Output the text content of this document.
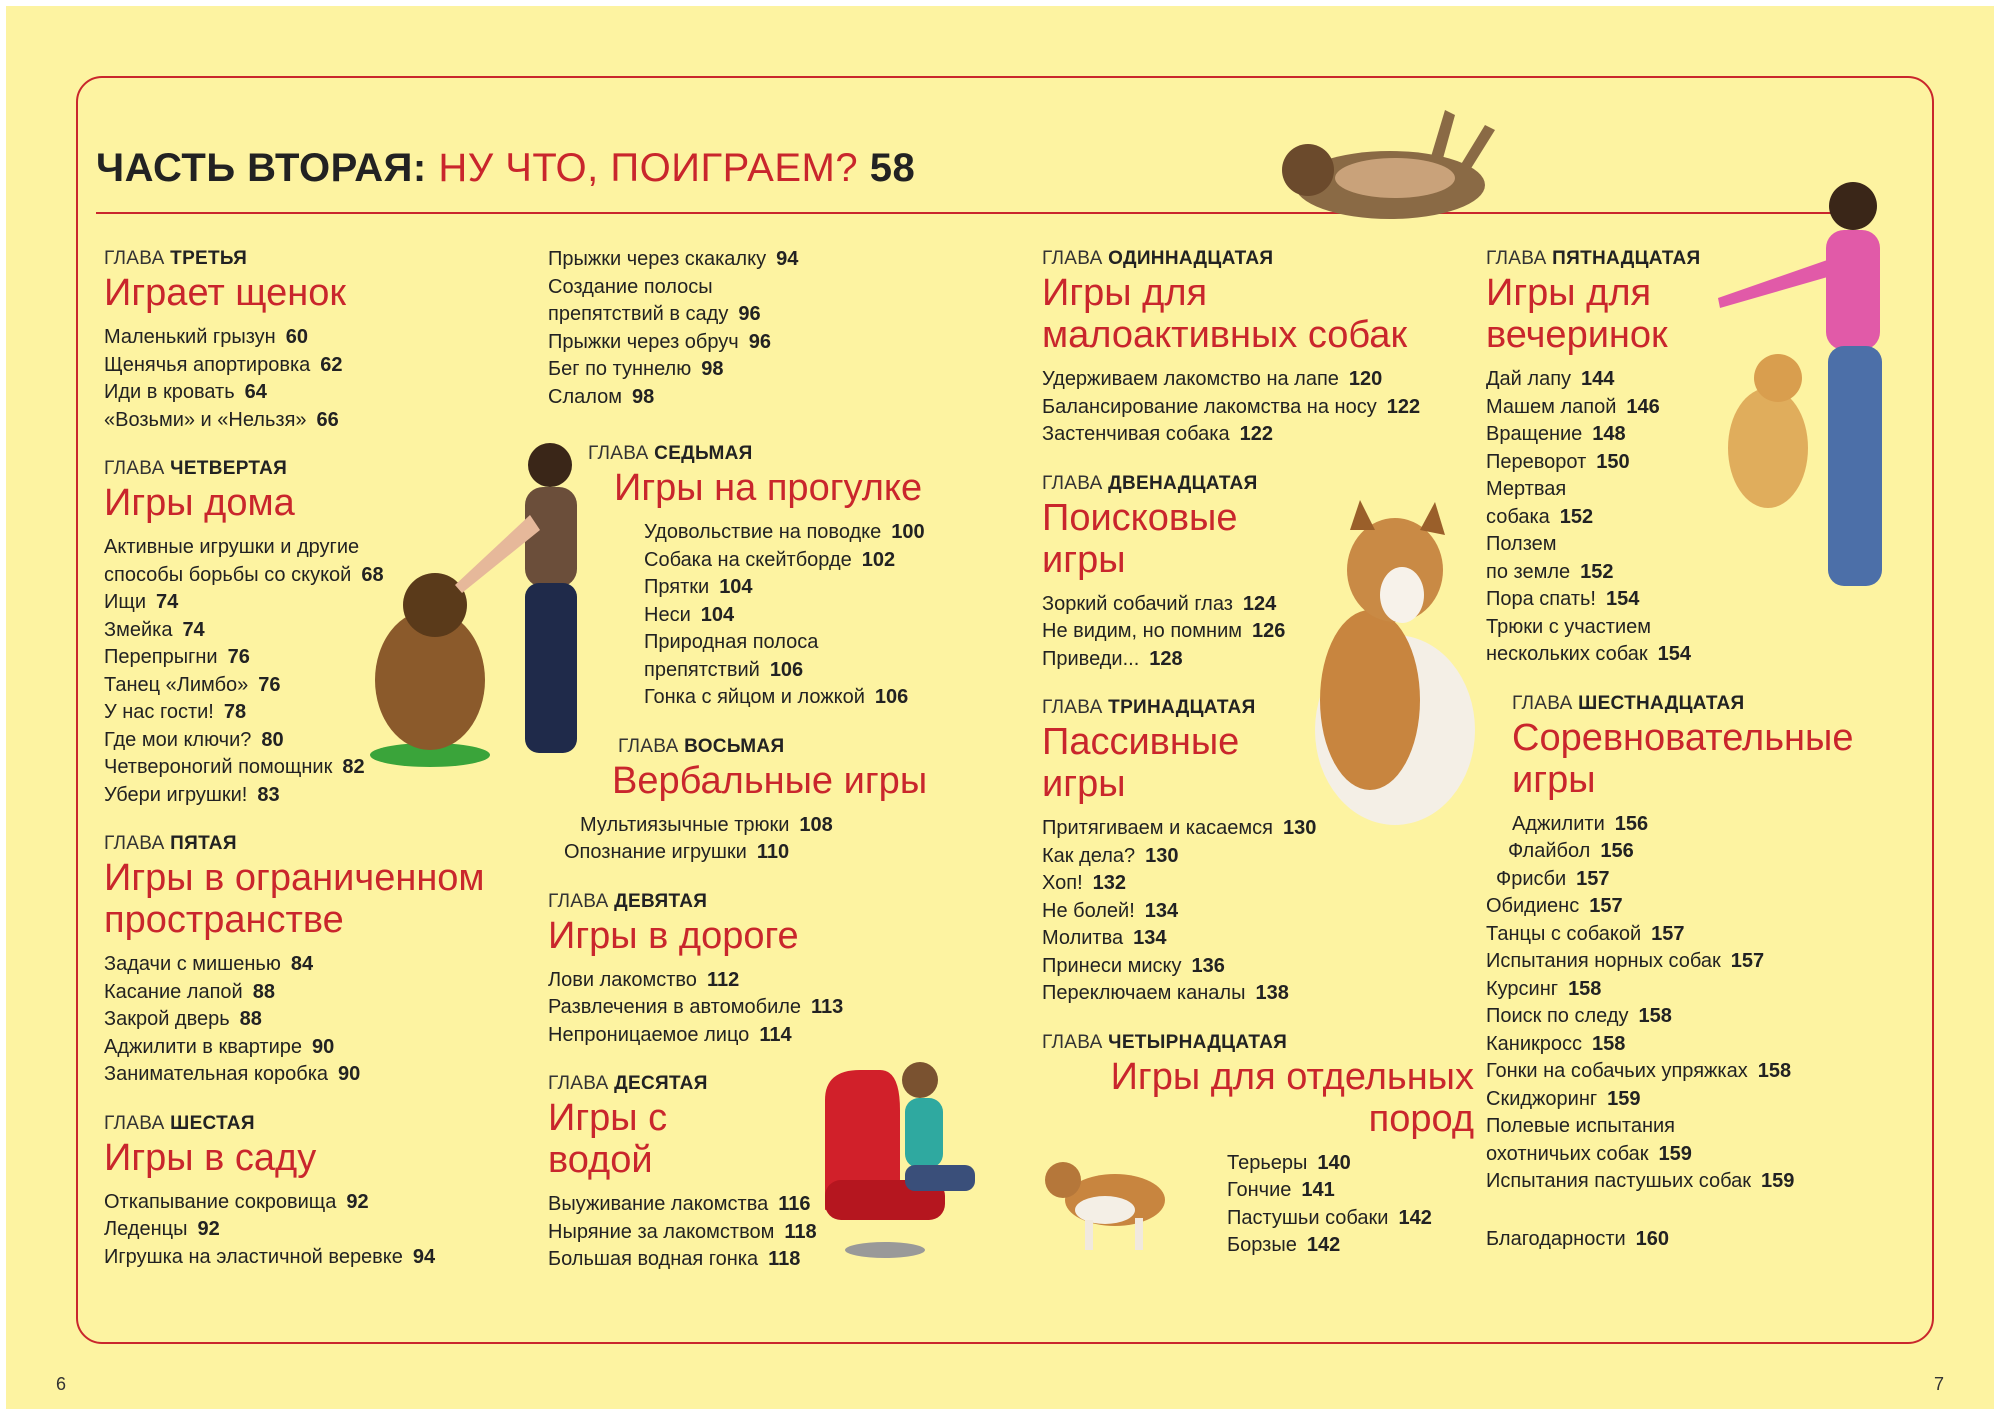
ЧАСТЬ ВТОРАЯ: НУ ЧТО, ПОИГРАЕМ? 58
ГЛАВА ТРЕТЬЯ
Играет щенок
Маленький грызун 60
Щенячья апортировка 62
Иди в кровать 64
«Возьми» и «Нельзя» 66
ГЛАВА ЧЕТВЕРТАЯ
Игры дома
Активные игрушки и другие
способы борьбы со скукой 68
Ищи 74
Змейка 74
Перепрыгни 76
Танец «Лимбо» 76
У нас гости! 78
Где мои ключи? 80
Четвероногий помощник 82
Убери игрушки! 83
ГЛАВА ПЯТАЯ
Игры в ограниченном пространстве
Задачи с мишенью 84
Касание лапой 88
Закрой дверь 88
Аджилити в квартире 90
Занимательная коробка 90
ГЛАВА ШЕСТАЯ
Игры в саду
Откапывание сокровища 92
Леденцы 92
Игрушка на эластичной веревке 94
Прыжки через скакалку 94
Создание полосы
препятствий в саду 96
Прыжки через обруч 96
Бег по туннелю 98
Слалом 98
ГЛАВА СЕДЬМАЯ
Игры на прогулке
Удовольствие на поводке 100
Собака на скейтборде 102
Прятки 104
Неси 104
Природная полоса
препятствий 106
Гонка с яйцом и ложкой 106
ГЛАВА ВОСЬМАЯ
Вербальные игры
Мультиязычные трюки 108
Опознание игрушки 110
ГЛАВА ДЕВЯТАЯ
Игры в дороге
Лови лакомство 112
Развлечения в автомобиле 113
Непроницаемое лицо 114
ГЛАВА ДЕСЯТАЯ
Игры с водой
Выуживание лакомства 116
Ныряние за лакомством 118
Большая водная гонка 118
ГЛАВА ОДИННАДЦАТАЯ
Игры для малоактивных собак
Удерживаем лакомство на лапе 120
Балансирование лакомства на носу 122
Застенчивая собака 122
ГЛАВА ДВЕНАДЦАТАЯ
Поисковые игры
Зоркий собачий глаз 124
Не видим, но помним 126
Приведи... 128
ГЛАВА ТРИНАДЦАТАЯ
Пассивные игры
Притягиваем и касаемся 130
Как дела? 130
Хоп! 132
Не болей! 134
Молитва 134
Принеси миску 136
Переключаем каналы 138
ГЛАВА ЧЕТЫРНАДЦАТАЯ
Игры для отдельных пород
Терьеры 140
Гончие 141
Пастушьи собаки 142
Борзые 142
ГЛАВА ПЯТНАДЦАТАЯ
Игры для вечеринок
Дай лапу 144
Машем лапой 146
Вращение 148
Переворот 150
Мертвая
собака 152
Ползем
по земле 152
Пора спать! 154
Трюки с участием
нескольких собак 154
ГЛАВА ШЕСТНАДЦАТАЯ
Соревновательные игры
Аджилити 156
Флайбол 156
Фрисби 157
Обидиенс 157
Танцы с собакой 157
Испытания норных собак 157
Курсинг 158
Поиск по следу 158
Каникросс 158
Гонки на собачьих упряжках 158
Скиджоринг 159
Полевые испытания
охотничьих собак 159
Испытания пастушьих собак 159
Благодарности 160
6	7
